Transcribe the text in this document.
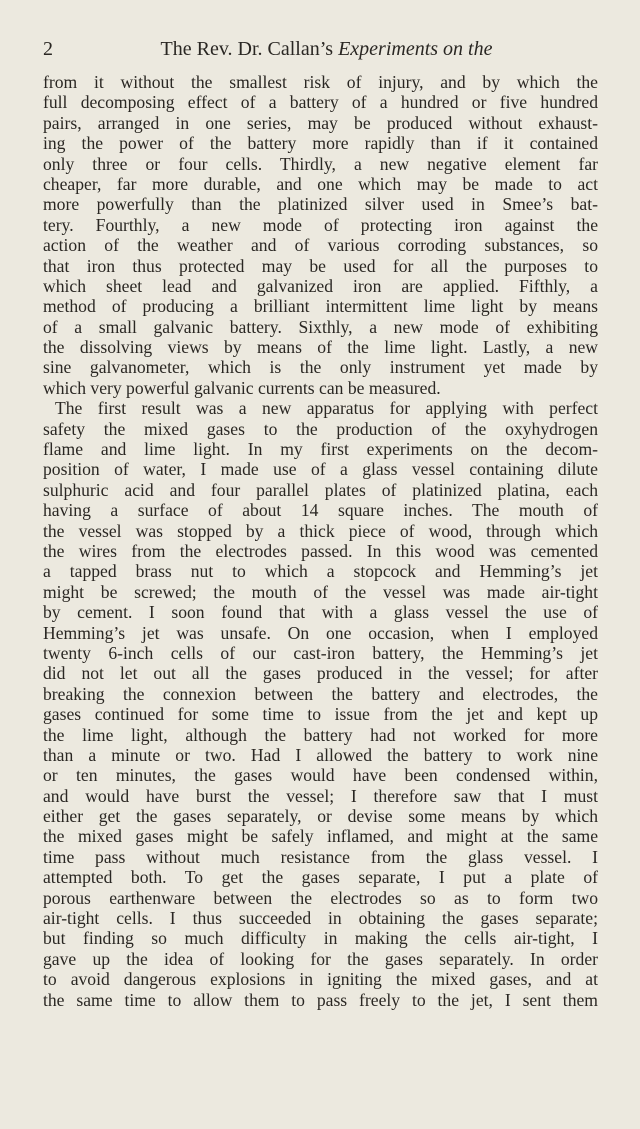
2	The Rev. Dr. Callan’s Experiments on the
from it without the smallest risk of injury, and by which the
full decomposing effect of a battery of a hundred or five hundred
pairs, arranged in one series, may be produced without exhaust-
ing the power of the battery more rapidly than if it contained
only three or four cells. Thirdly, a new negative element far
cheaper, far more durable, and one which may be made to act
more powerfully than the platinized silver used in Smee’s bat-
tery. Fourthly, a new mode of protecting iron against the
action of the weather and of various corroding substances, so
that iron thus protected may be used for all the purposes to
which sheet lead and galvanized iron are applied. Fifthly, a
method of producing a brilliant intermittent lime light by means
of a small galvanic battery. Sixthly, a new mode of exhibiting
the dissolving views by means of the lime light. Lastly, a new
sine galvanometer, which is the only instrument yet made by
which very powerful galvanic currents can be measured.
The first result was a new apparatus for applying with perfect
safety the mixed gases to the production of the oxyhydrogen
flame and lime light. In my first experiments on the decom-
position of water, I made use of a glass vessel containing dilute
sulphuric acid and four parallel plates of platinized platina, each
having a surface of about 14 square inches. The mouth of
the vessel was stopped by a thick piece of wood, through which
the wires from the electrodes passed. In this wood was cemented
a tapped brass nut to which a stopcock and Hemming’s jet
might be screwed; the mouth of the vessel was made air-tight
by cement. I soon found that with a glass vessel the use of
Hemming’s jet was unsafe. On one occasion, when I employed
twenty 6-inch cells of our cast-iron battery, the Hemming’s jet
did not let out all the gases produced in the vessel; for after
breaking the connexion between the battery and electrodes, the
gases continued for some time to issue from the jet and kept up
the lime light, although the battery had not worked for more
than a minute or two. Had I allowed the battery to work nine
or ten minutes, the gases would have been condensed within,
and would have burst the vessel; I therefore saw that I must
either get the gases separately, or devise some means by which
the mixed gases might be safely inflamed, and might at the same
time pass without much resistance from the glass vessel. I
attempted both. To get the gases separate, I put a plate of
porous earthenware between the electrodes so as to form two
air-tight cells. I thus succeeded in obtaining the gases separate;
but finding so much difficulty in making the cells air-tight, I
gave up the idea of looking for the gases separately. In order
to avoid dangerous explosions in igniting the mixed gases, and at
the same time to allow them to pass freely to the jet, I sent them
